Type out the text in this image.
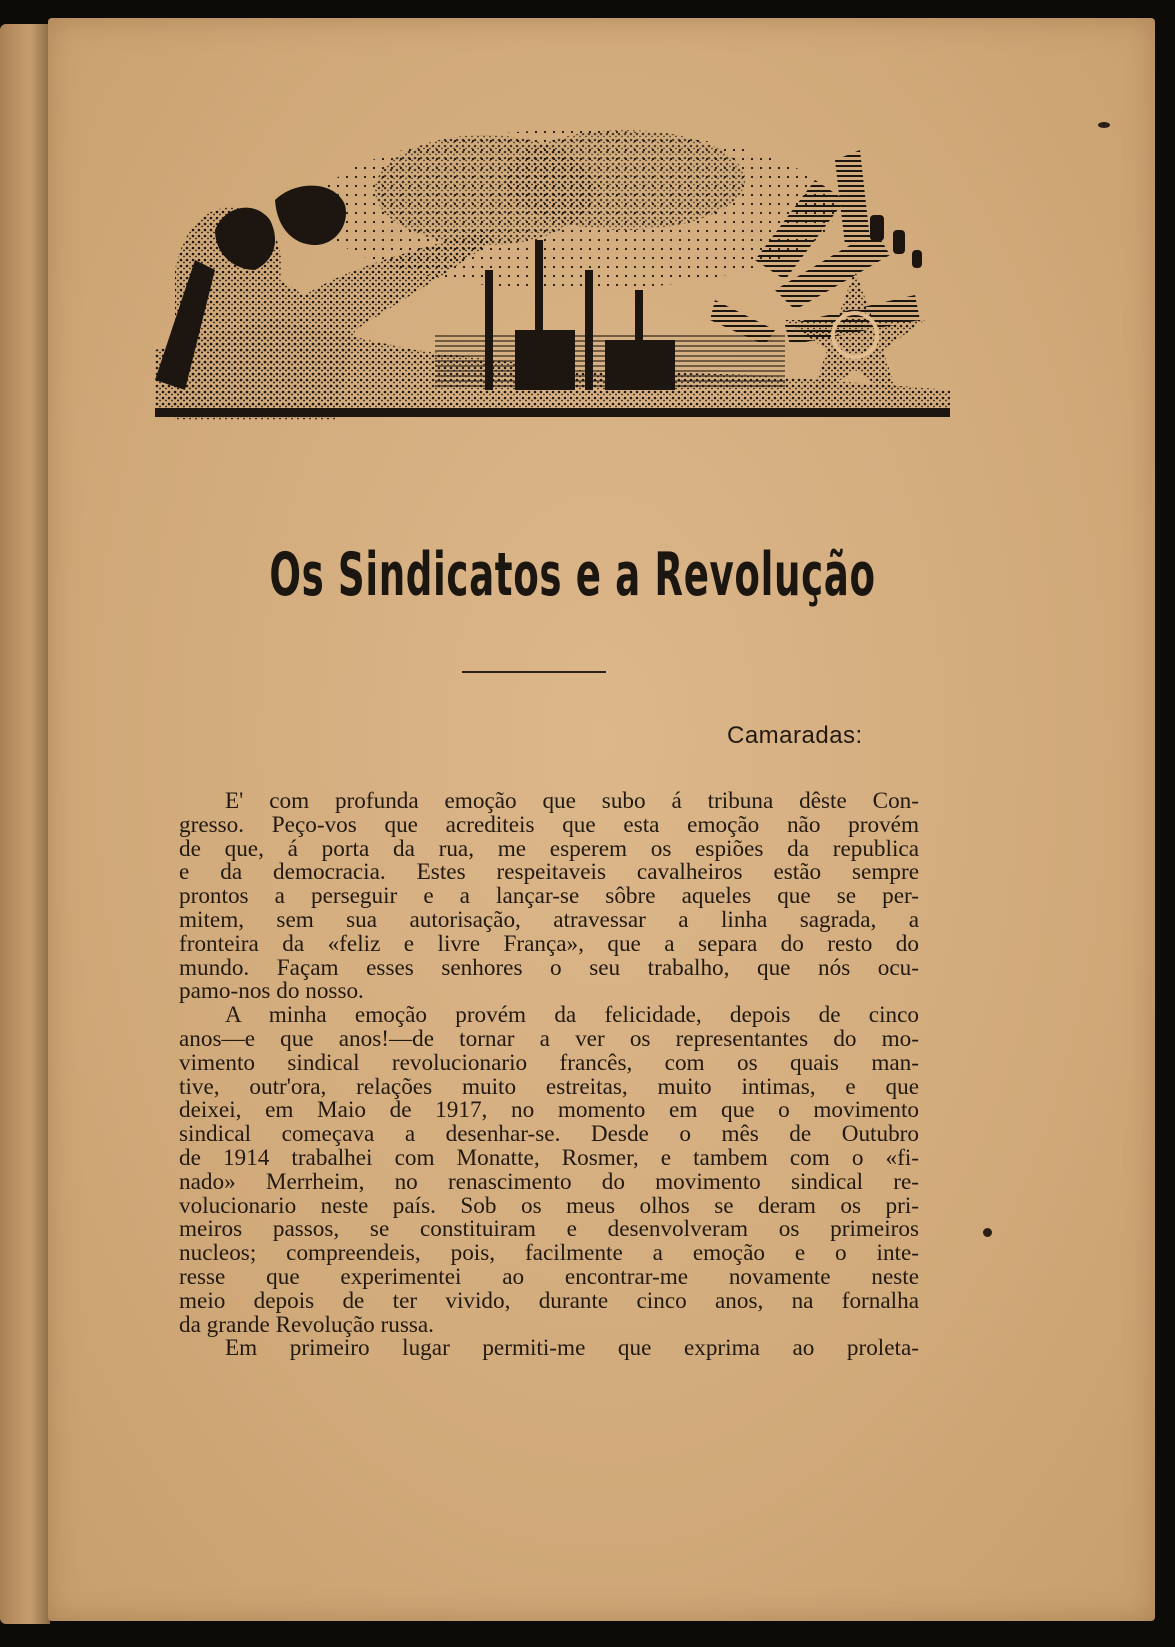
Os Sindicatos e a Revolução
Camaradas:
E' com profunda emoção que subo á tribuna dêste Con-
gresso. Peço-vos que acrediteis que esta emoção não provém
de que, á porta da rua, me esperem os espiões da republica
e da democracia. Estes respeitaveis cavalheiros estão sempre
prontos a perseguir e a lançar-se sôbre aqueles que se per-
mitem, sem sua autorisação, atravessar a linha sagrada, a
fronteira da «feliz e livre França», que a separa do resto do
mundo. Façam esses senhores o seu trabalho, que nós ocu-
pamo-nos do nosso.
A minha emoção provém da felicidade, depois de cinco
anos—e que anos!—de tornar a ver os representantes do mo-
vimento sindical revolucionario francês, com os quais man-
tive, outr'ora, relações muito estreitas, muito intimas, e que
deixei, em Maio de 1917, no momento em que o movimento
sindical começava a desenhar-se. Desde o mês de Outubro
de 1914 trabalhei com Monatte, Rosmer, e tambem com o «fi-
nado» Merrheim, no renascimento do movimento sindical re-
volucionario neste país. Sob os meus olhos se deram os pri-
meiros passos, se constituiram e desenvolveram os primeiros
nucleos; compreendeis, pois, facilmente a emoção e o inte-
resse que experimentei ao encontrar-me novamente neste
meio depois de ter vivido, durante cinco anos, na fornalha
da grande Revolução russa.
Em primeiro lugar permiti-me que exprima ao proleta-
